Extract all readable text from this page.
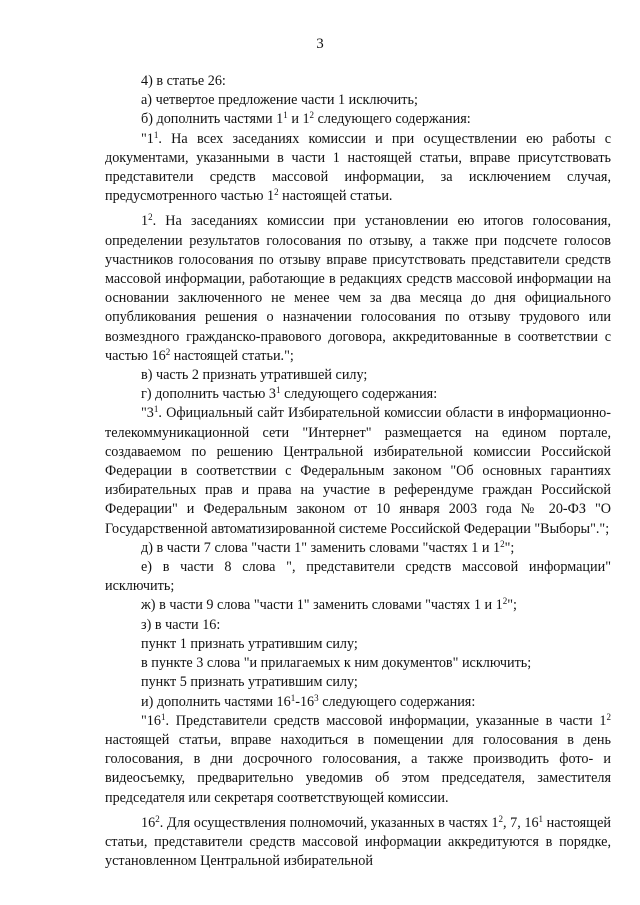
3

4) в статье 26:

а) четвертое предложение части 1 исключить;

б) дополнить частями $1^1$ и $1^2$ следующего содержания:

"$1^1$. На всех заседаниях комиссии и при осуществлении ею работы с документами, указанными в части 1 настоящей статьи, вправе присутствовать представители средств массовой информации, за исключением случая, предусмотренного частью $1^2$ настоящей статьи.

$1^2$. На заседаниях комиссии при установлении ею итогов голосования, определении результатов голосования по отзыву, а также при подсчете голосов участников голосования по отзыву вправе присутствовать представители средств массовой информации, работающие в редакциях средств массовой информации на основании заключенного не менее чем за два месяца до дня официального опубликования решения о назначении голосования по отзыву трудового или возмездного гражданско-правового договора, аккредитованные в соответствии с частью $16^2$ настоящей статьи.";

в) часть 2 признать утратившей силу;

г) дополнить частью $3^1$ следующего содержания:

"$3^1$. Официальный сайт Избирательной комиссии области в информационно-телекоммуникационной сети "Интернет" размещается на едином портале, создаваемом по решению Центральной избирательной комиссии Российской Федерации в соответствии с Федеральным законом "Об основных гарантиях избирательных прав и права на участие в референдуме граждан Российской Федерации" и Федеральным законом от 10 января 2003 года № 20-ФЗ "О Государственной автоматизированной системе Российской Федерации "Выборы".";

д) в части 7 слова "части 1" заменить словами "частях 1 и $1^2$";

е) в части 8 слова ", представители средств массовой информации" исключить;

ж) в части 9 слова "части 1" заменить словами "частях 1 и $1^2$";

з) в части 16:

пункт 1 признать утратившим силу;

в пункте 3 слова "и прилагаемых к ним документов" исключить;

пункт 5 признать утратившим силу;

и) дополнить частями $16^1-16^3$ следующего содержания:

"$16^1$. Представители средств массовой информации, указанные в части $1^2$ настоящей статьи, вправе находиться в помещении для голосования в день голосования, в дни досрочного голосования, а также производить фото- и видеосъемку, предварительно уведомив об этом председателя, заместителя председателя или секретаря соответствующей комиссии.

$16^2$. Для осуществления полномочий, указанных в частях $1^2$, 7, $16^1$ настоящей статьи, представители средств массовой информации аккредитуются в порядке, установленном Центральной избирательной
